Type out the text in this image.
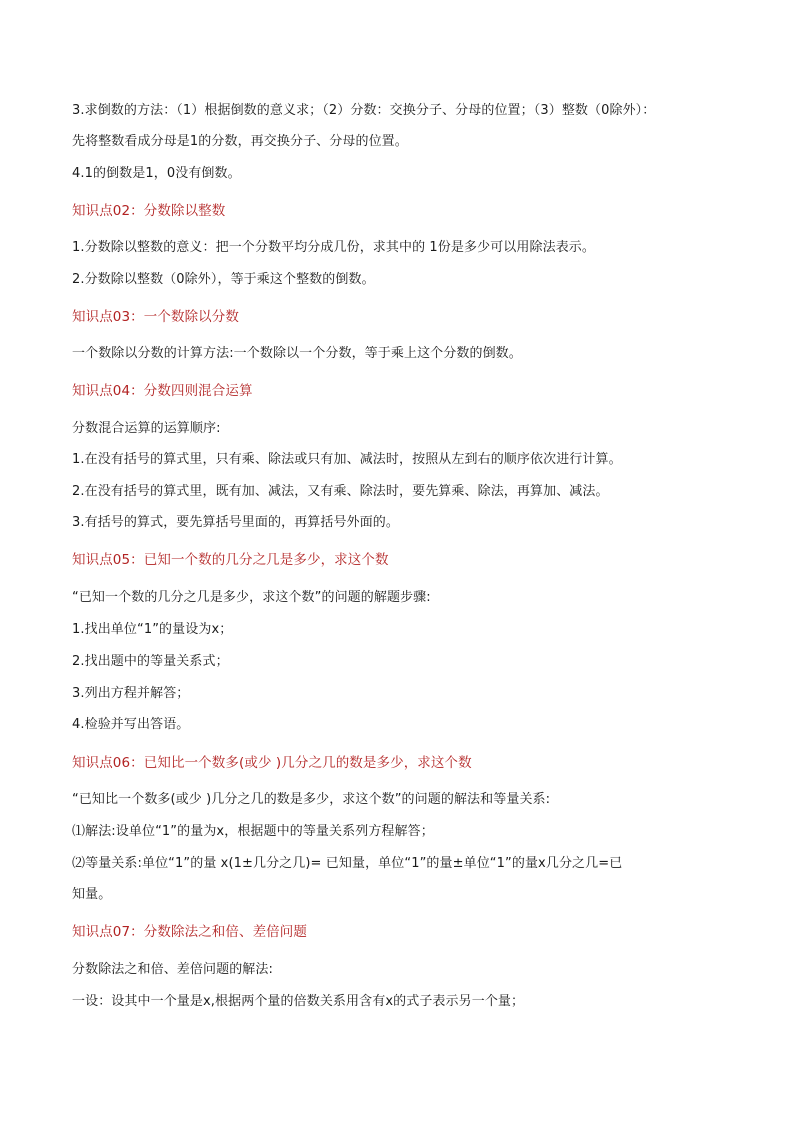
3.求倒数的方法：（1）根据倒数的意义求；（2）分数：交换分子、分母的位置；（3）整数（0除外）：
先将整数看成分母是1的分数，再交换分子、分母的位置。
4.1的倒数是1，0没有倒数。
知识点02：分数除以整数
1.分数除以整数的意义：把一个分数平均分成几份，求其中的 1份是多少可以用除法表示。
2.分数除以整数（0除外），等于乘这个整数的倒数。
知识点03：一个数除以分数
一个数除以分数的计算方法:一个数除以一个分数，等于乘上这个分数的倒数。
知识点04：分数四则混合运算
分数混合运算的运算顺序:
1.在没有括号的算式里，只有乘、除法或只有加、减法时，按照从左到右的顺序依次进行计算。
2.在没有括号的算式里，既有加、减法，又有乘、除法时，要先算乘、除法，再算加、减法。
3.有括号的算式，要先算括号里面的，再算括号外面的。
知识点05：已知一个数的几分之几是多少，求这个数
“已知一个数的几分之几是多少，求这个数”的问题的解题步骤:
1.找出单位“1”的量设为x；
2.找出题中的等量关系式；
3.列出方程并解答；
4.检验并写出答语。
知识点06：已知比一个数多(或少 )几分之几的数是多少，求这个数
“已知比一个数多(或少 )几分之几的数是多少，求这个数”的问题的解法和等量关系:
⑴解法:设单位“1”的量为x，根据题中的等量关系列方程解答；
⑵等量关系:单位“1”的量 x(1±几分之几)= 已知量，单位“1”的量±单位“1”的量x几分之几=已
知量。
知识点07：分数除法之和倍、差倍问题
分数除法之和倍、差倍问题的解法:
一设：设其中一个量是x,根据两个量的倍数关系用含有x的式子表示另一个量；
